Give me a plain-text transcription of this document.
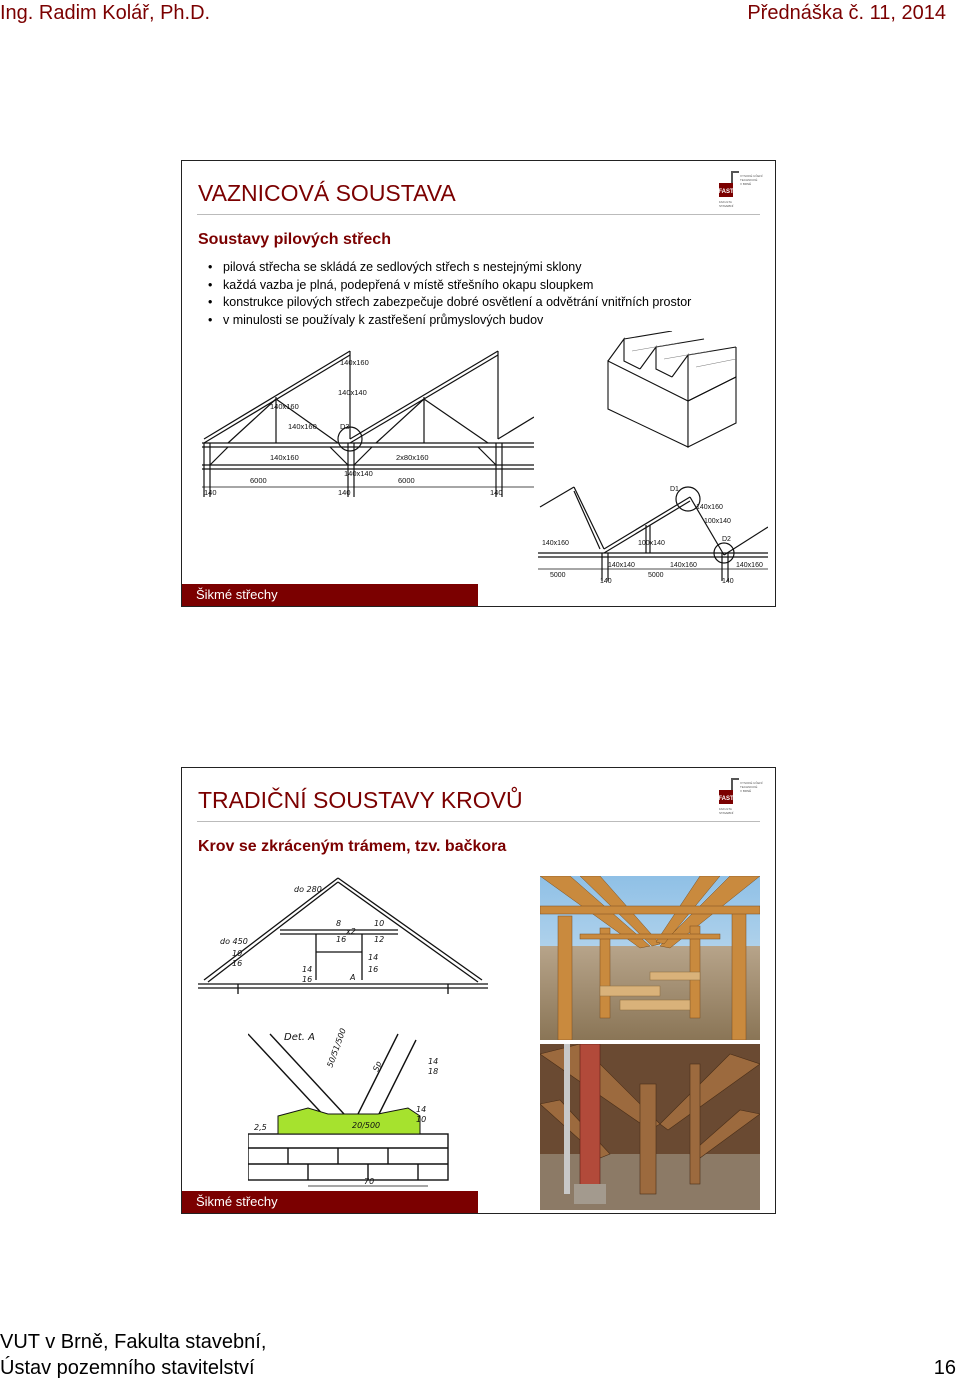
Ing. Radim Kolář, Ph.D.	Přednáška č. 11, 2014
VAZNICOVÁ SOUSTAVA	FAST
VYSOKÉ UČENÍ
TECHNICKÉ
V BRNĚ
FAKULTA
STAVEBNÍ
Soustavy pilových střech
• pilová střecha se skládá ze sedlových střech s nestejnými sklony
• každá vazba je plná, podepřená v místě střešního okapu sloupkem
• konstrukce pilových střech zabezpečuje dobré osvětlení a odvětrání vnitřních prostor
• v minulosti se používaly k zastřešení průmyslových budov
140x160
140x140
140x160
140x160	D3
140x160	2x80x160
140x140
6000	6000
140	140	140	D1
140x160
100x140
140x160	100x140
D2
140x140	140x160	140x160
5000	5000
140	140
Šikmé střechy
TRADIČNÍ SOUSTAVY KROVŮ	FAST
VYSOKÉ UČENÍ
TECHNICKÉ
V BRNĚ
FAKULTA
STAVEBNÍ
Krov se zkráceným trámem, tzv. bačkora
do 280
do 450
8
16
x2
10
12
14
16
14
16
10
16
A
Det. A 50/51/500	14
18
Sp
20/500
14
10
2,5
70
Šikmé střechy
VUT v Brně, Fakulta stavební,
Ústav pozemního stavitelství	16
